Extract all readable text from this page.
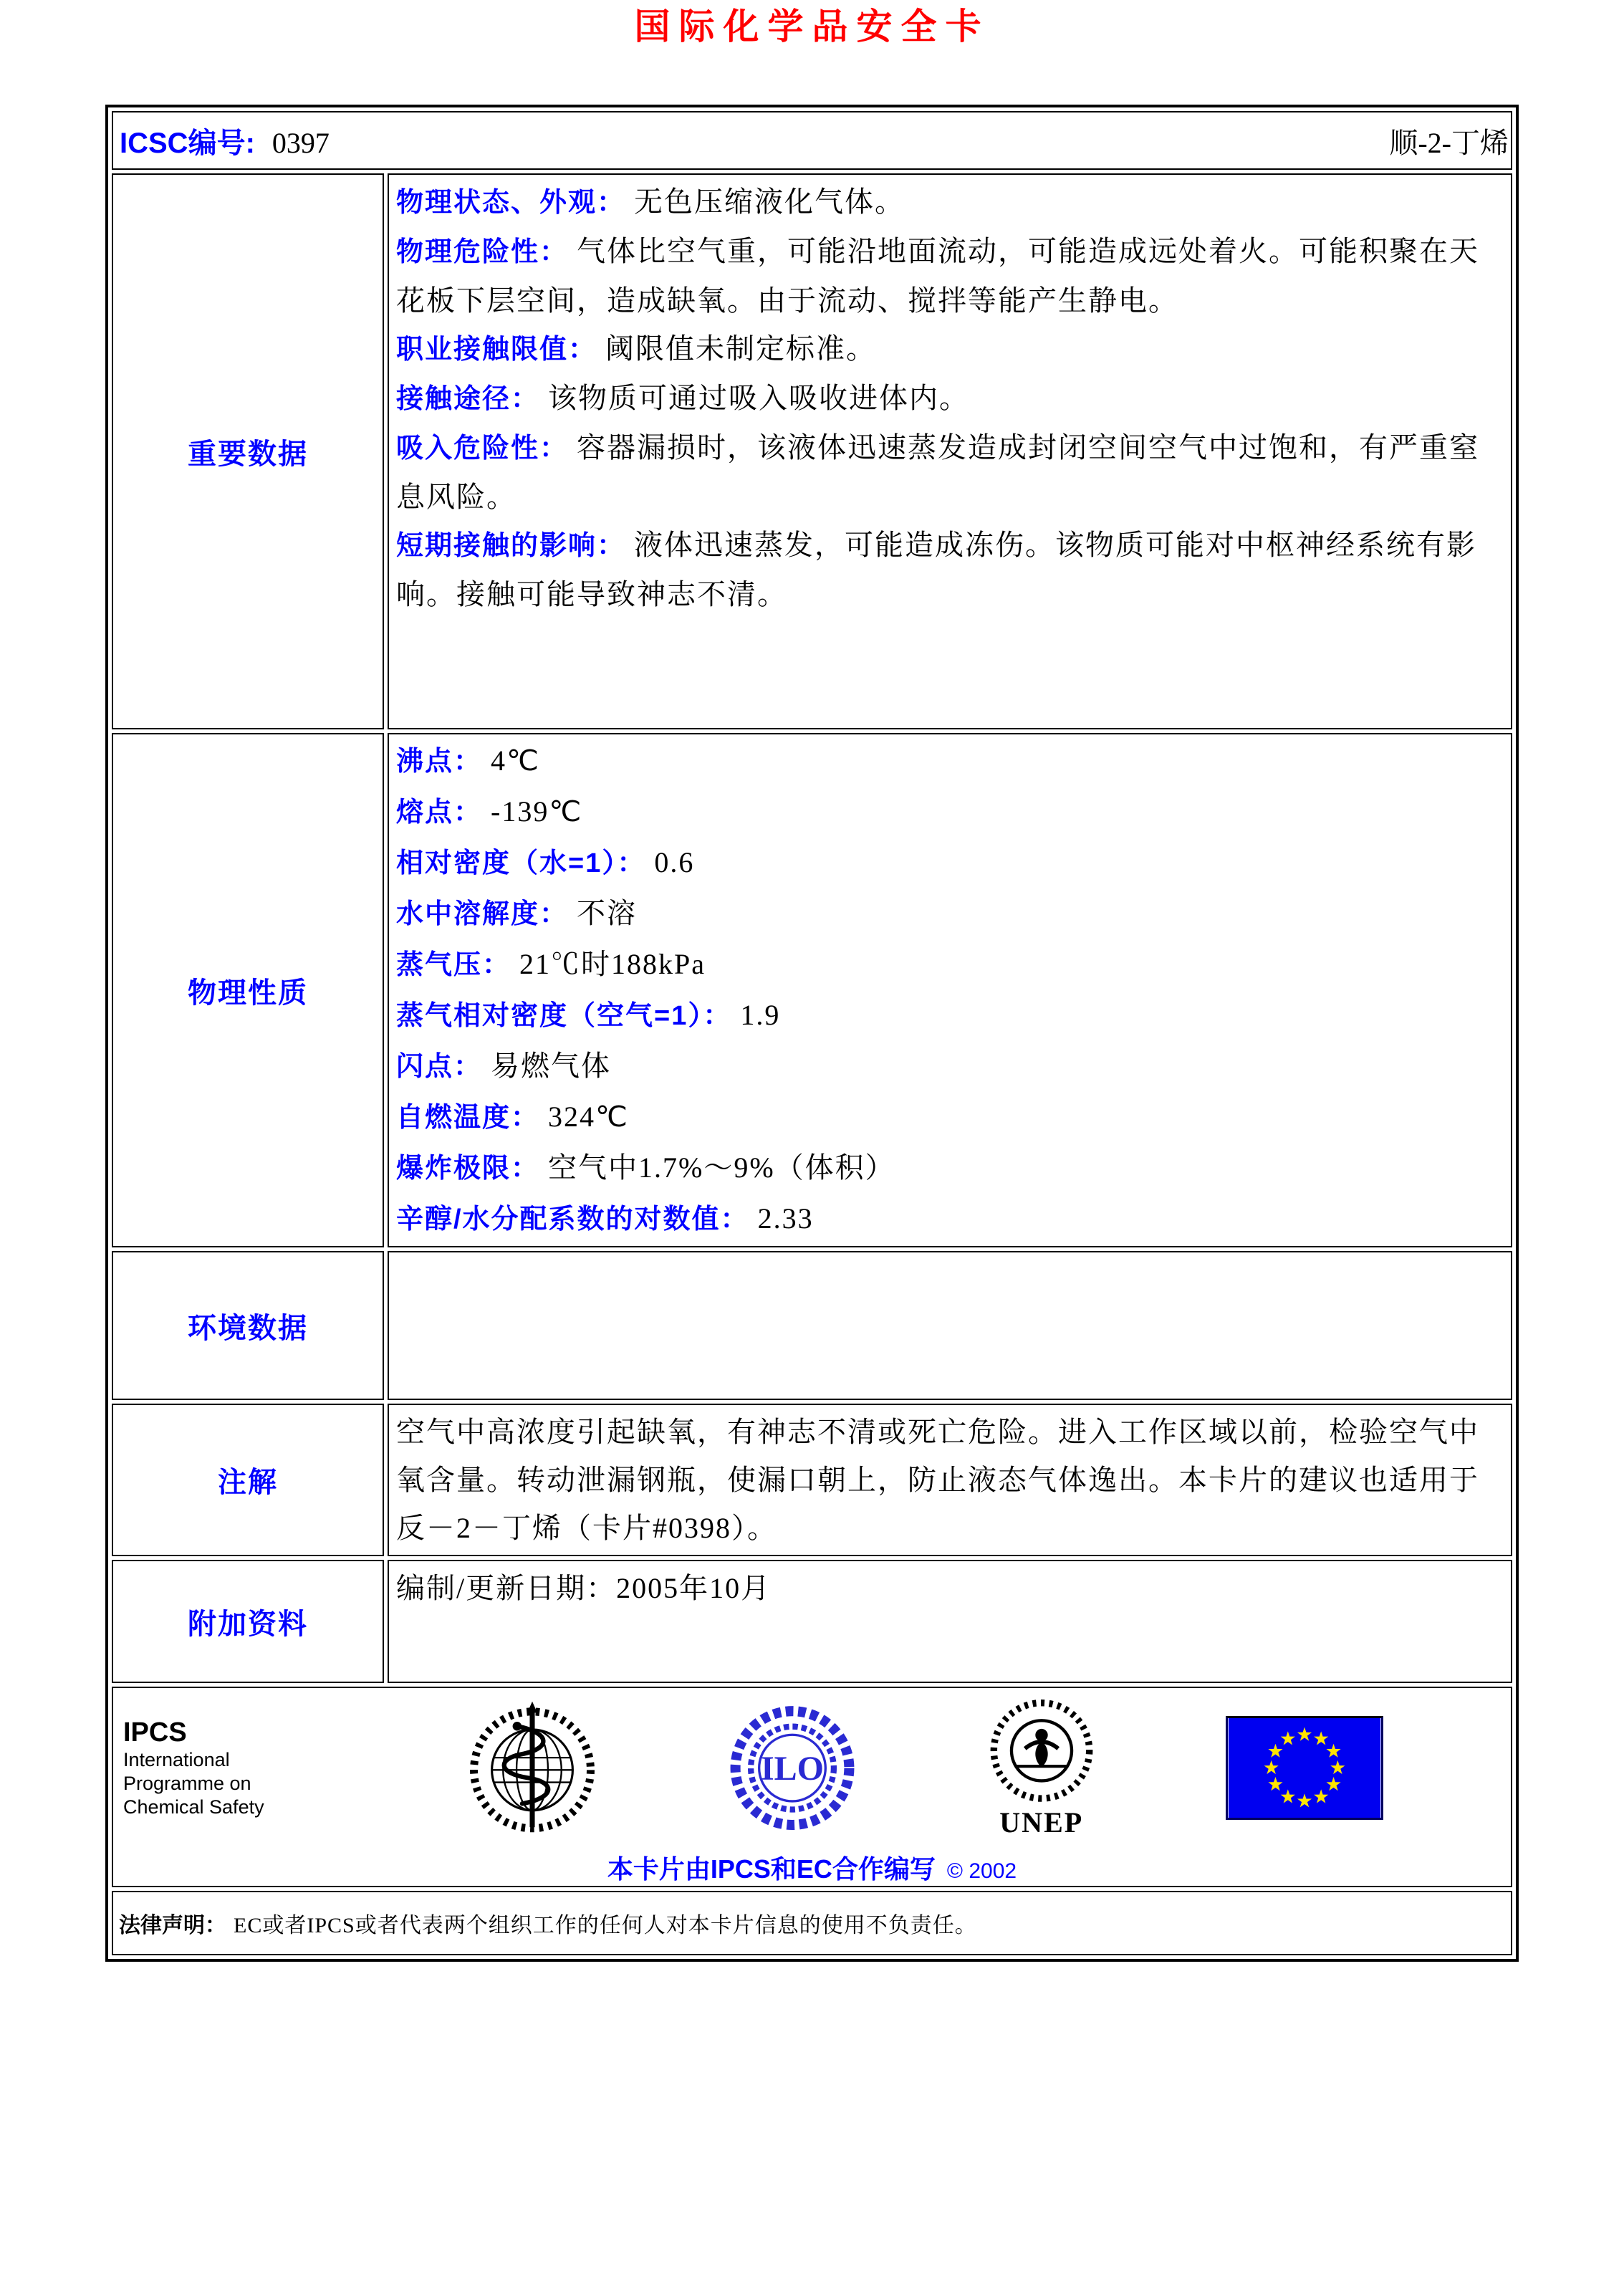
国际化学品安全卡
ICSC编号: 0397 顺-2-丁烯	

重要数据	
物理状态、外观： 无色压缩液化气体。
物理危险性： 气体比空气重，可能沿地面流动，可能造成远处着火。可能积聚在天花板下层空间，造成缺氧。由于流动、搅拌等能产生静电。
职业接触限值： 阈限值未制定标准。
接触途径： 该物质可通过吸入吸收进体内。
吸入危险性： 容器漏损时，该液体迅速蒸发造成封闭空间空气中过饱和，有严重窒息风险。
短期接触的影响： 液体迅速蒸发，可能造成冻伤。该物质可能对中枢神经系统有影响。接触可能导致神志不清。

物理性质	
沸点： 4℃
熔点： -139℃
相对密度（水=1）： 0.6
水中溶解度： 不溶
蒸气压： 21℃时188kPa
蒸气相对密度（空气=1）： 1.9
闪点： 易燃气体
自燃温度： 324℃
爆炸极限： 空气中1.7%～9%（体积）
辛醇/水分配系数的对数值： 2.33

环境数据	
注解	空气中高浓度引起缺氧，有神志不清或死亡危险。进入工作区域以前，检验空气中氧含量。转动泄漏钢瓶，使漏口朝上，防止液态气体逸出。本卡片的建议也适用于反－2－丁烯（卡片#0398）。

附加资料	编制/更新日期：2005年10月

IPCS
International
Programme on
Chemical Safety
ILO
UNEP
本卡片由IPCS和EC合作编写 © 2002

法律声明： EC或者IPCS或者代表两个组织工作的任何人对本卡片信息的使用不负责任。	
